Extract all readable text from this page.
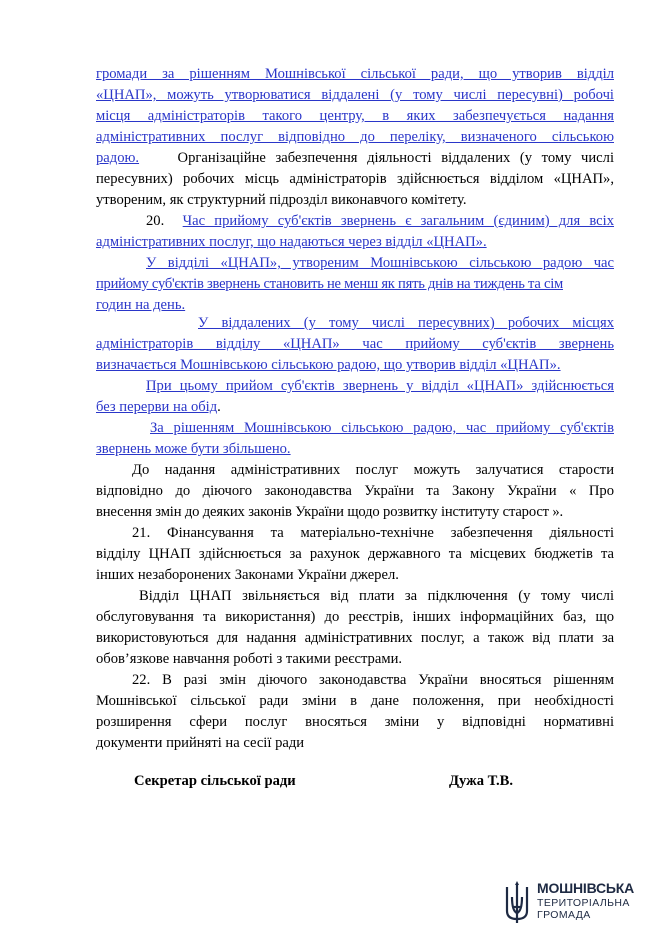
громади за рішенням Мошнівської сільської ради, що утворив відділ
«ЦНАП», можуть утворюватися віддалені (у тому числі пересувні) робочі
місця адміністраторів такого центру, в яких забезпечується надання
адміністративних послуг відповідно до переліку, визначеного сільською
радою.	Організаційне забезпечення діяльності віддалених (у тому числі
пересувних) робочих місць адміністраторів здійснюється відділом «ЦНАП»,
утвореним, як структурний підрозділ виконавчого комітету.
20. Час прийому суб'єктів звернень є загальним (єдиним) для всіх
адміністративних послуг, що надаються через відділ «ЦНАП».
У відділі «ЦНАП», утвореним Мошнівською сільською радою час
прийому суб'єктів звернень становить не менш як пять днів на тиждень та сім
годин на день.
У віддалених (у тому числі пересувних) робочих місцях
адміністраторів відділу «ЦНАП» час прийому суб'єктів звернень
визначається Мошнівською сільською радою, що утворив відділ «ЦНАП».
При цьому прийом суб'єктів звернень у відділ «ЦНАП» здійснюється
без перерви на обід.
За рішенням Мошнівською сільською радою, час прийому суб'єктів
звернень може бути збільшено.
До надання адміністративних послуг можуть залучатися старости
відповідно до діючого законодавства України та Закону України « Про
внесення змін до деяких законів України щодо розвитку інституту старост ».
21. Фінансування та матеріально-технічне забезпечення діяльності
відділу ЦНАП здійснюється за рахунок державного та місцевих бюджетів та
інших незаборонених Законами України джерел.
Відділ ЦНАП звільняється від плати за підключення (у тому числі
обслуговування та використання) до реєстрів, інших інформаційних баз, що
використовуються для надання адміністративних послуг, а також від плати за
обов’язкове навчання роботі з такими реєстрами.
22. В разі змін діючого законодавства України вносяться рішенням
Мошнівської сільської ради зміни в дане положення, при необхідності
розширення сфери послуг вносяться зміни у відповідні нормативні
документи прийняті на сесії ради
Секретар сільської ради	Дужа Т.В.
МОШНІВСЬКА
ТЕРИТОРІАЛЬНА
ГРОМАДА
